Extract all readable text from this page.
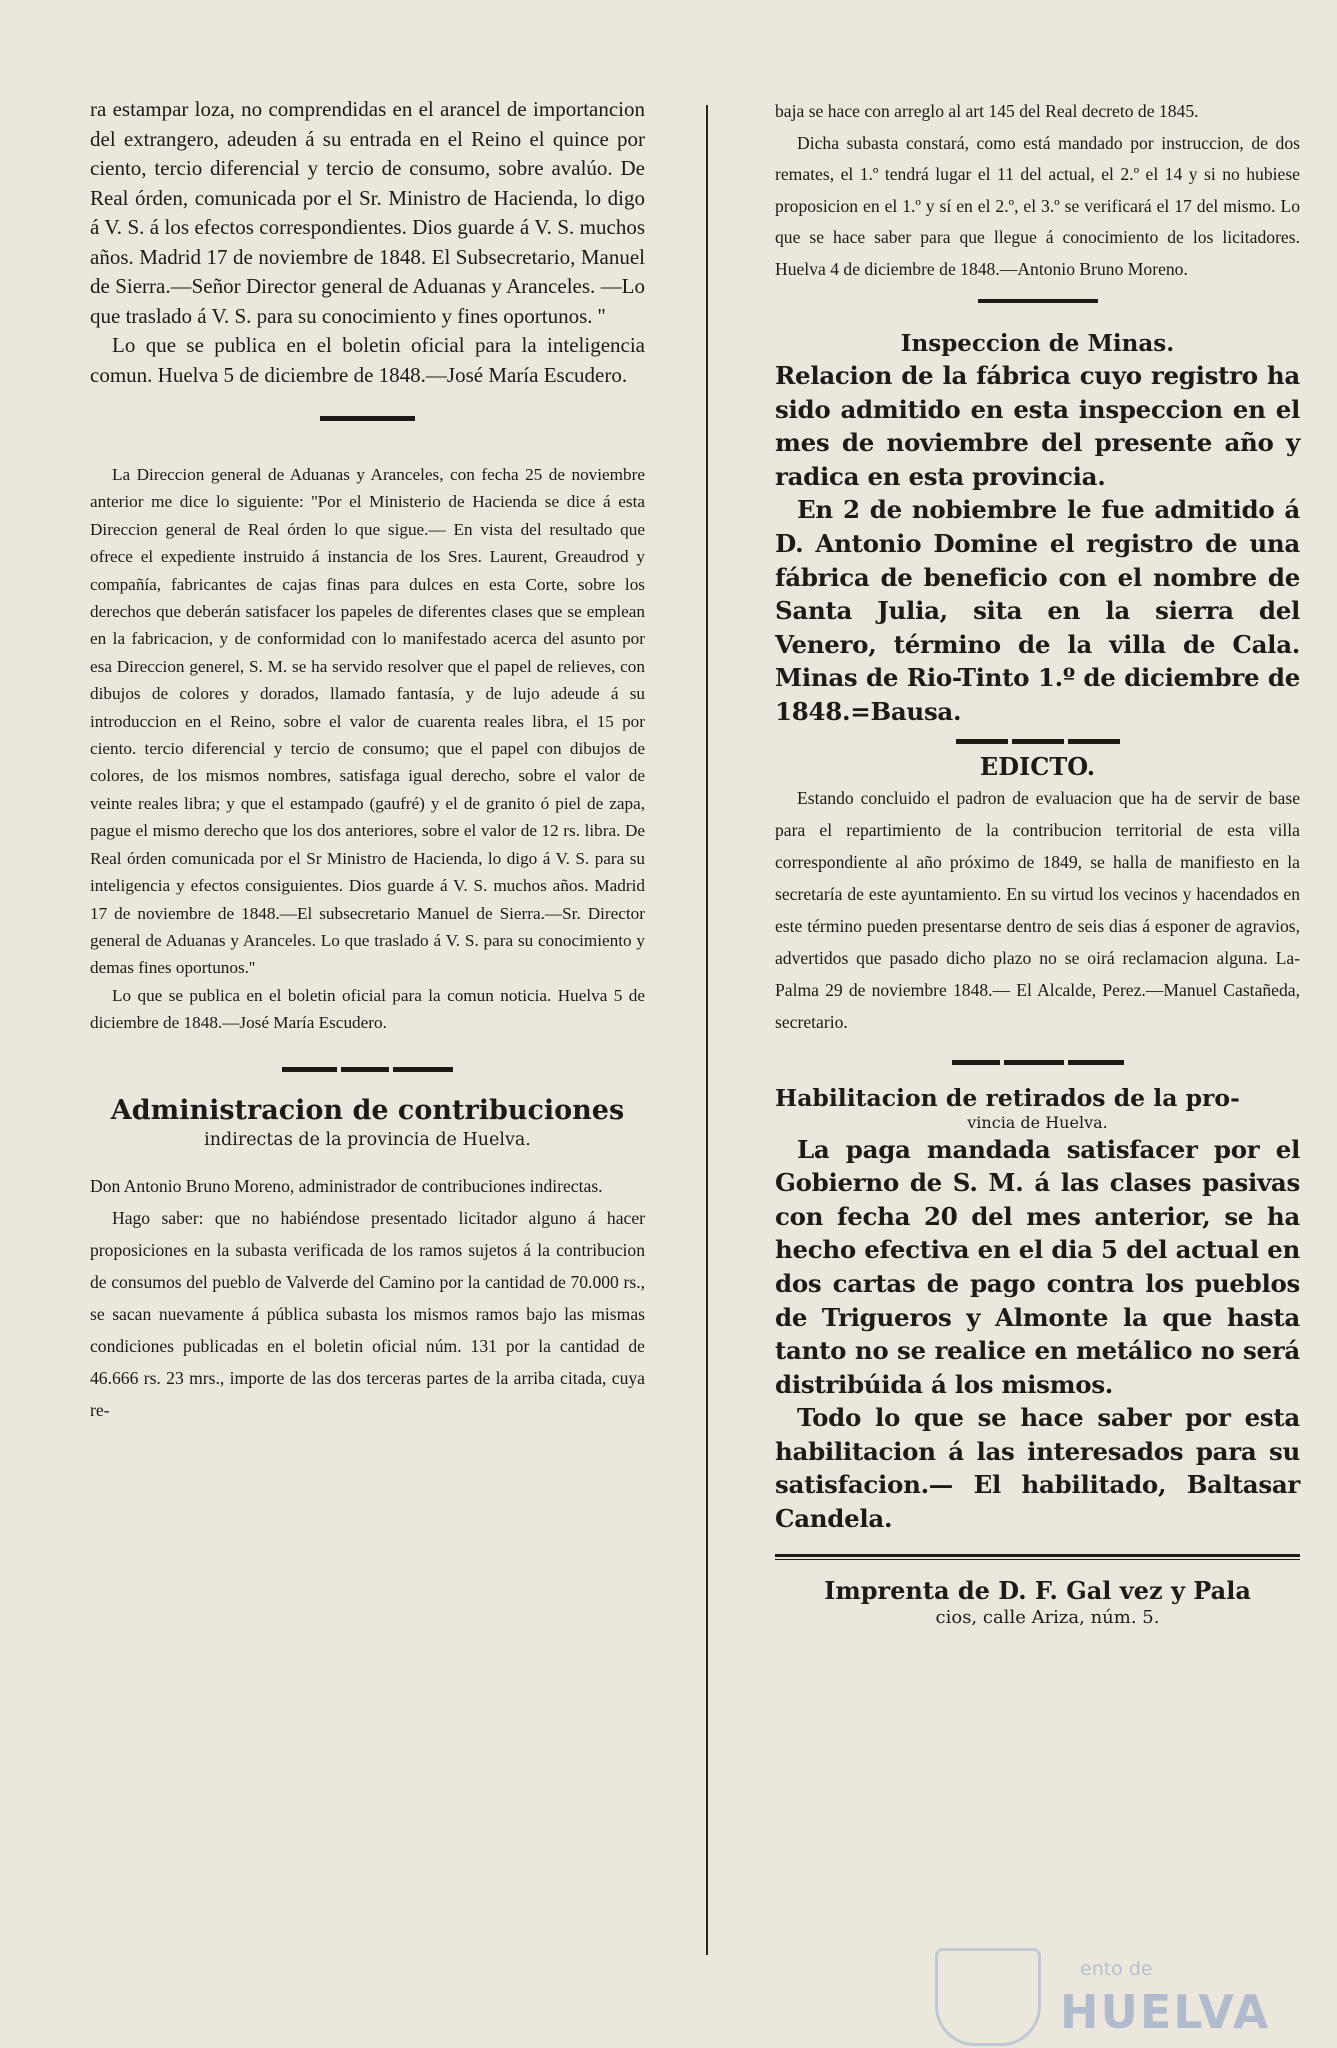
ra estampar loza, no comprendidas en el arancel de importancion del extrangero, adeuden á su entrada en el Reino el quince por ciento, tercio diferencial y tercio de consumo, sobre avalúo. De Real órden, comunicada por el Sr. Ministro de Hacienda, lo digo á V. S. á los efectos correspondientes. Dios guarde á V. S. muchos años. Madrid 17 de noviembre de 1848. El Subsecretario, Manuel de Sierra.—Señor Director general de Aduanas y Aranceles. —Lo que traslado á V. S. para su conocimiento y fines oportunos. ''

Lo que se publica en el boletin oficial para la inteligencia comun. Huelva 5 de diciembre de 1848.—José María Escudero.

La Direccion general de Aduanas y Aranceles, con fecha 25 de noviembre anterior me dice lo siguiente: ''Por el Ministerio de Hacienda se dice á esta Direccion general de Real órden lo que sigue.— En vista del resultado que ofrece el expediente instruido á instancia de los Sres. Laurent, Greaudrod y compañía, fabricantes de cajas finas para dulces en esta Corte, sobre los derechos que deberán satisfacer los papeles de diferentes clases que se emplean en la fabricacion, y de conformidad con lo manifestado acerca del asunto por esa Direccion generel, S. M. se ha servido resolver que el papel de relieves, con dibujos de colores y dorados, llamado fantasía, y de lujo adeude á su introduccion en el Reino, sobre el valor de cuarenta reales libra, el 15 por ciento. tercio diferencial y tercio de consumo; que el papel con dibujos de colores, de los mismos nombres, satisfaga igual derecho, sobre el valor de veinte reales libra; y que el estampado (gaufré) y el de granito ó piel de zapa, pague el mismo derecho que los dos anteriores, sobre el valor de 12 rs. libra. De Real órden comunicada por el Sr Ministro de Hacienda, lo digo á V. S. para su inteligencia y efectos consiguientes. Dios guarde á V. S. muchos años. Madrid 17 de noviembre de 1848.—El subsecretario Manuel de Sierra.—Sr. Director general de Aduanas y Aranceles. Lo que traslado á V. S. para su conocimiento y demas fines oportunos.''

Lo que se publica en el boletin oficial para la comun noticia. Huelva 5 de diciembre de 1848.—José María Escudero.

Administracion de contribuciones
indirectas de la provincia de Huelva.

Don Antonio Bruno Moreno, administrador de contribuciones indirectas.

Hago saber: que no habiéndose presentado licitador alguno á hacer proposiciones en la subasta verificada de los ramos sujetos á la contribucion de consumos del pueblo de Valverde del Camino por la cantidad de 70.000 rs., se sacan nuevamente á pública subasta los mismos ramos bajo las mismas condiciones publicadas en el boletin oficial núm. 131 por la cantidad de 46.666 rs. 23 mrs., importe de las dos terceras partes de la arriba citada, cuya re-

baja se hace con arreglo al art 145 del Real decreto de 1845.

Dicha subasta constará, como está mandado por instruccion, de dos remates, el 1.º tendrá lugar el 11 del actual, el 2.º el 14 y si no hubiese proposicion en el 1.º y sí en el 2.º, el 3.º se verificará el 17 del mismo. Lo que se hace saber para que llegue á conocimiento de los licitadores. Huelva 4 de diciembre de 1848.—Antonio Bruno Moreno.

Inspeccion de Minas.

Relacion de la fábrica cuyo registro ha sido admitido en esta inspeccion en el mes de noviembre del presente año y radica en esta provincia.

En 2 de nobiembre le fue admitido á D. Antonio Domine el registro de una fábrica de beneficio con el nombre de Santa Julia, sita en la sierra del Venero, término de la villa de Cala. Minas de Rio-Tinto 1.º de diciembre de 1848.=Bausa.

EDICTO.

Estando concluido el padron de evaluacion que ha de servir de base para el repartimiento de la contribucion territorial de esta villa correspondiente al año próximo de 1849, se halla de manifiesto en la secretaría de este ayuntamiento. En su virtud los vecinos y hacendados en este término pueden presentarse dentro de seis dias á esponer de agravios, advertidos que pasado dicho plazo no se oirá reclamacion alguna. La-Palma 29 de noviembre 1848.— El Alcalde, Perez.—Manuel Castañeda, secretario.

Habilitacion de retirados de la pro-
vincia de Huelva.

La paga mandada satisfacer por el Gobierno de S. M. á las clases pasivas con fecha 20 del mes anterior, se ha hecho efectiva en el dia 5 del actual en dos cartas de pago contra los pueblos de Trigueros y Almonte la que hasta tanto no se realice en metálico no será distribúida á los mismos.

Todo lo que se hace saber por esta habilitacion á las interesados para su satisfacion.— El habilitado, Baltasar Candela.

Imprenta de D. F. Gal vez y Pala
cios, calle Ariza, núm. 5.
ento de
HUELVA
